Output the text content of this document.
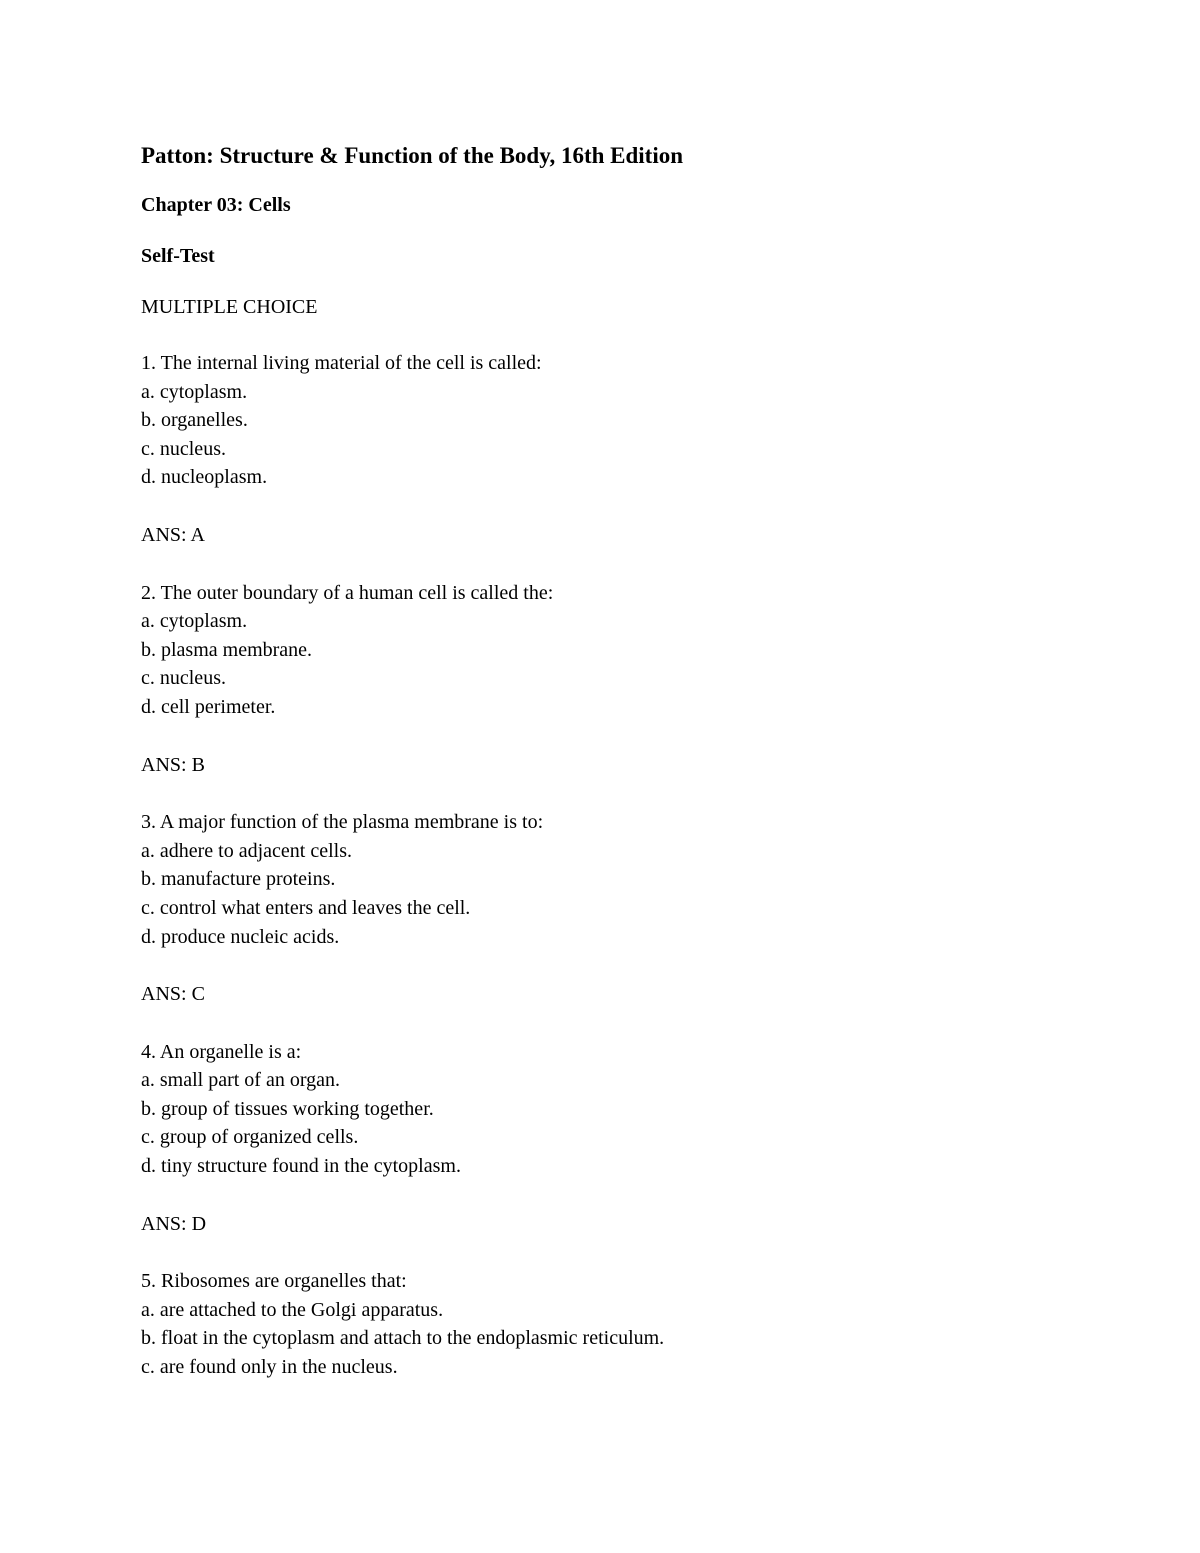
Patton: Structure & Function of the Body, 16th Edition
Chapter 03: Cells
Self-Test
MULTIPLE CHOICE
1. The internal living material of the cell is called:
a. cytoplasm.
b. organelles.
c. nucleus.
d. nucleoplasm.
ANS: A
2. The outer boundary of a human cell is called the:
a. cytoplasm.
b. plasma membrane.
c. nucleus.
d. cell perimeter.
ANS: B
3. A major function of the plasma membrane is to:
a. adhere to adjacent cells.
b. manufacture proteins.
c. control what enters and leaves the cell.
d. produce nucleic acids.
ANS: C
4. An organelle is a:
a. small part of an organ.
b. group of tissues working together.
c. group of organized cells.
d. tiny structure found in the cytoplasm.
ANS: D
5. Ribosomes are organelles that:
a. are attached to the Golgi apparatus.
b. float in the cytoplasm and attach to the endoplasmic reticulum.
c. are found only in the nucleus.
